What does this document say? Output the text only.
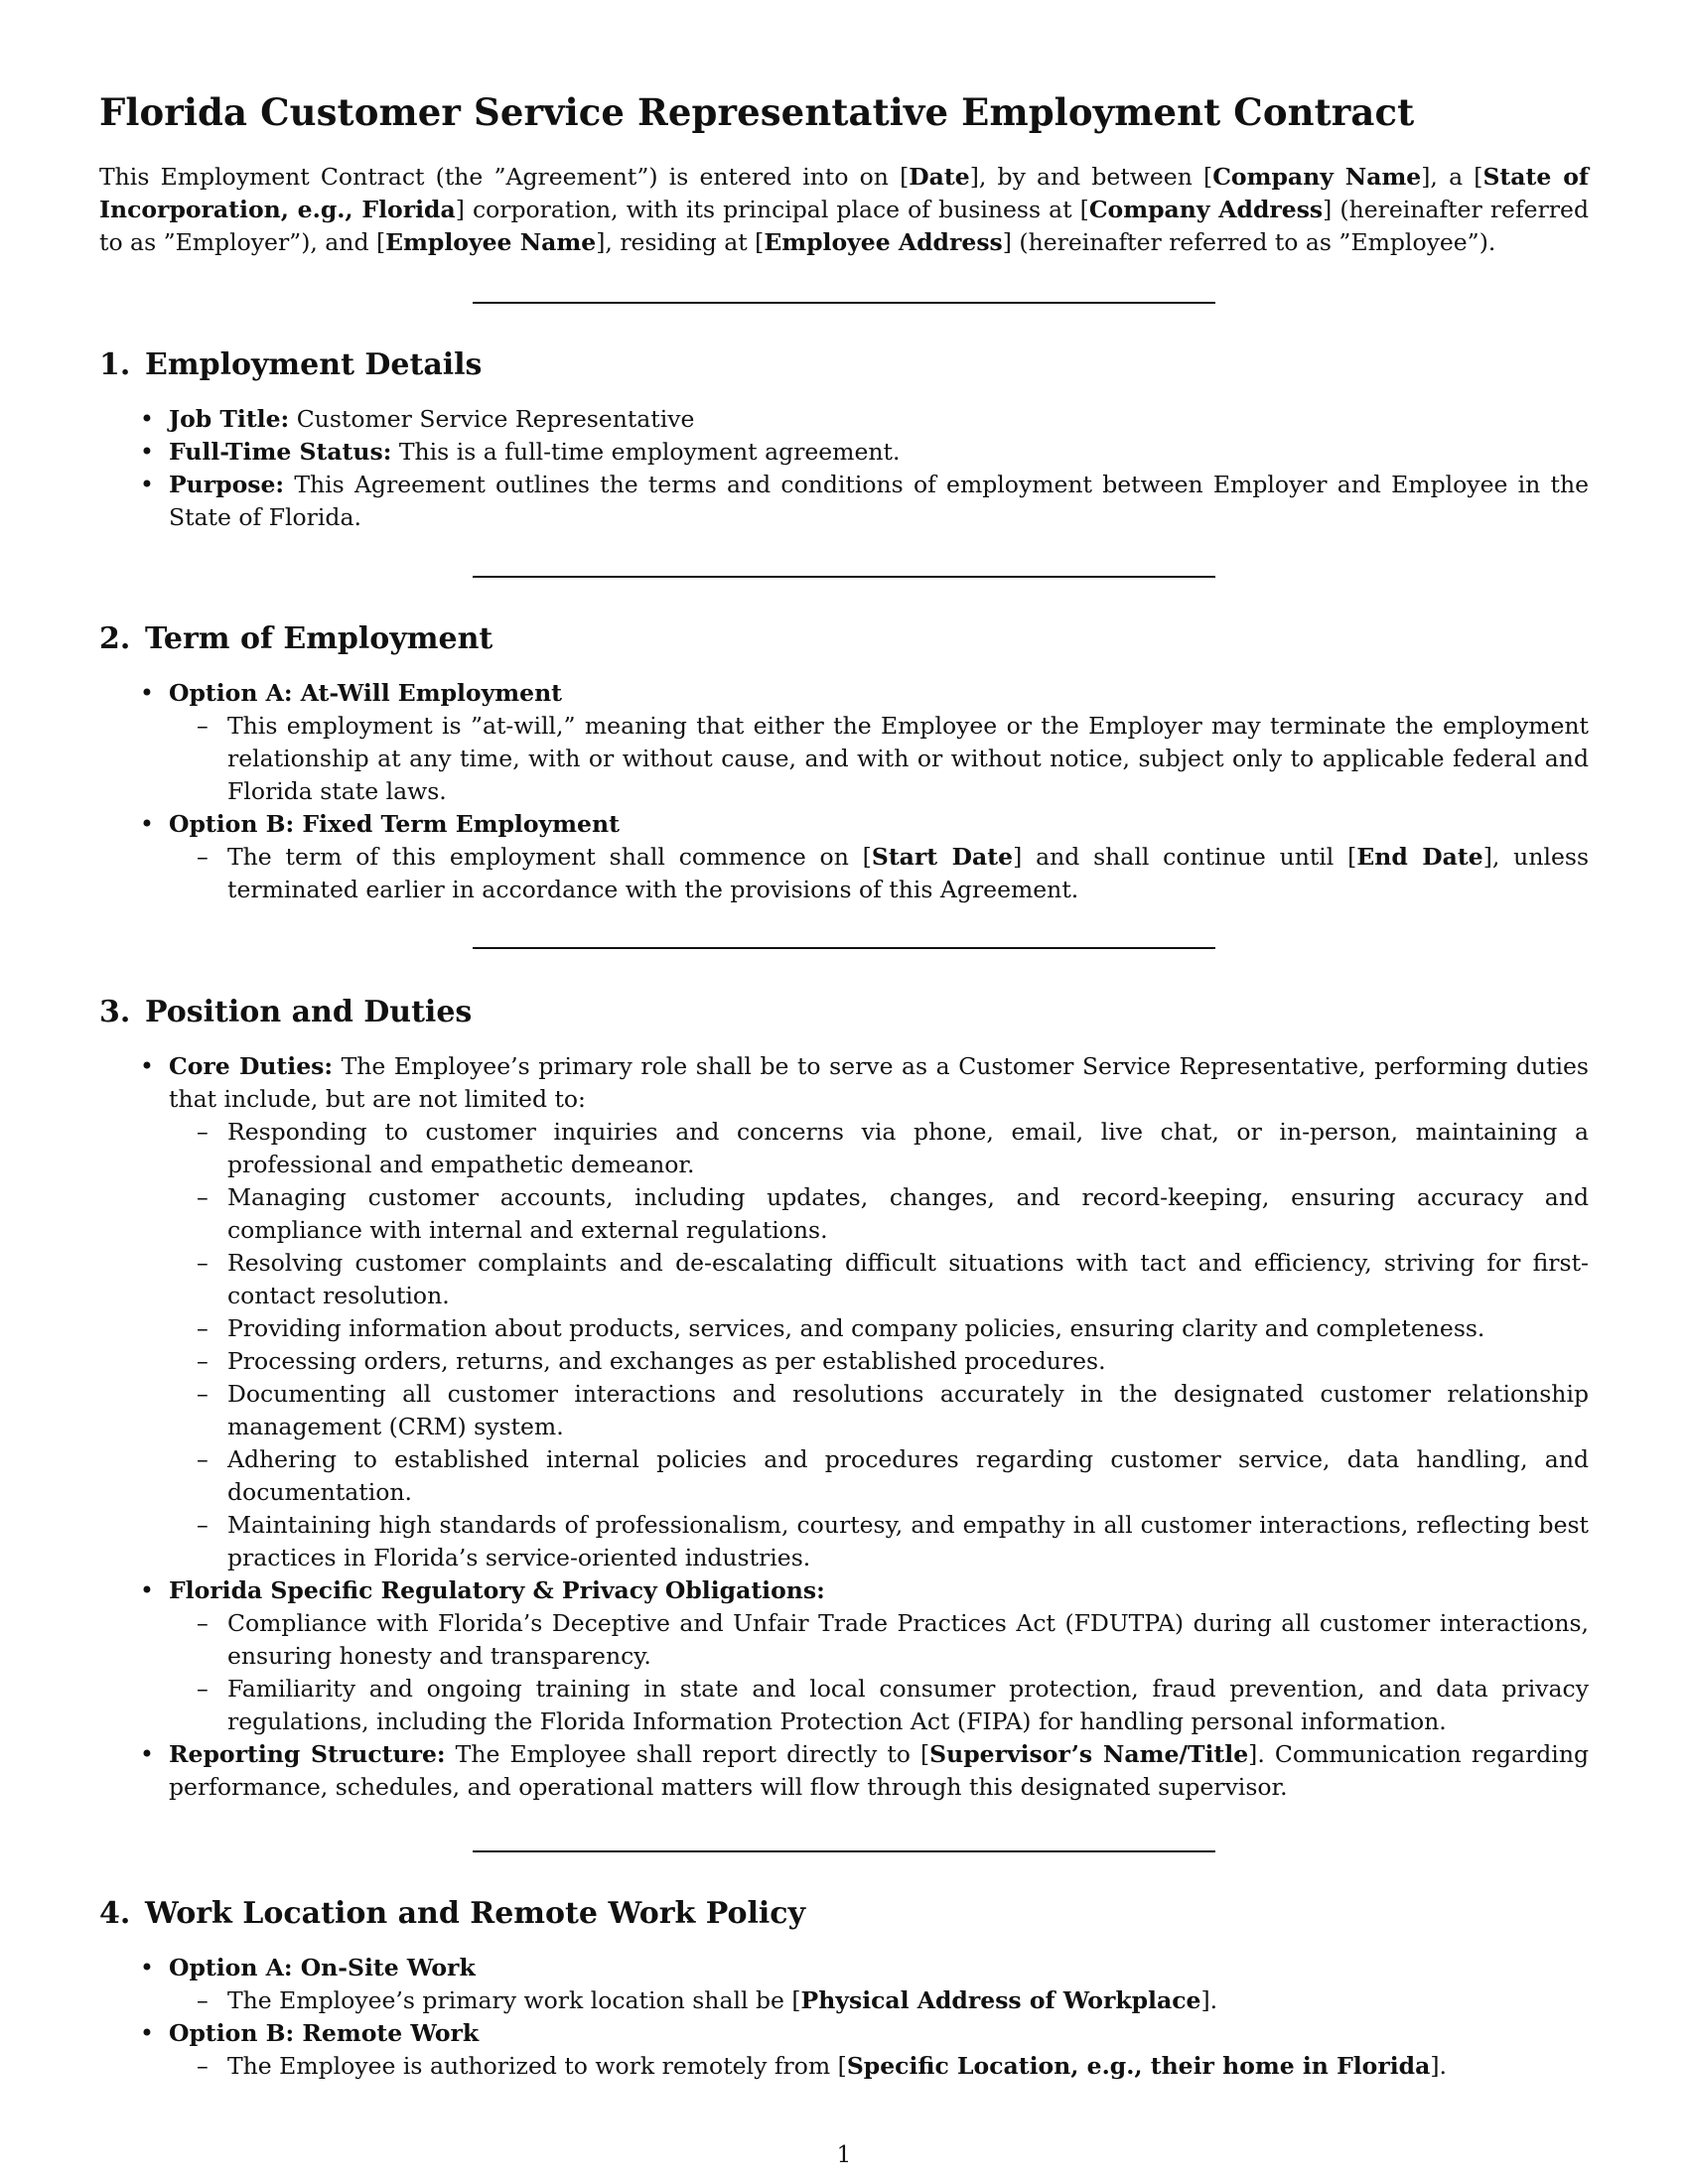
Florida Customer Service Representative Employment Contract

This Employment Contract (the ”Agreement”) is entered into on [Date], by and between [Company Name], a [State of Incorporation, e.g., Florida] corporation, with its principal place of business at [Company Address] (hereinafter referred to as ”Employer”), and [Employee Name], residing at [Employee Address] (hereinafter referred to as ”Employee”).

1. Employment Details
• Job Title: Customer Service Representative
• Full-Time Status: This is a full-time employment agreement.
• Purpose: This Agreement outlines the terms and conditions of employment between Employer and Employee in the State of Florida.
2. Term of Employment
• Option A: At-Will Employment
– This employment is ”at-will,” meaning that either the Employee or the Employer may terminate the employment relationship at any time, with or without cause, and with or without notice, subject only to applicable federal and Florida state laws.
• Option B: Fixed Term Employment
– The term of this employment shall commence on [Start Date] and shall continue until [End Date], unless terminated earlier in accordance with the provisions of this Agreement.
3. Position and Duties
• Core Duties: The Employee’s primary role shall be to serve as a Customer Service Representative, performing duties that include, but are not limited to:
– Responding to customer inquiries and concerns via phone, email, live chat, or in-person, maintaining a professional and empathetic demeanor.
– Managing customer accounts, including updates, changes, and record-keeping, ensuring accuracy and compliance with internal and external regulations.
– Resolving customer complaints and de-escalating difficult situations with tact and efficiency, striving for first-contact resolution.
– Providing information about products, services, and company policies, ensuring clarity and completeness.
– Processing orders, returns, and exchanges as per established procedures.
– Documenting all customer interactions and resolutions accurately in the designated customer relationship management (CRM) system.
– Adhering to established internal policies and procedures regarding customer service, data handling, and documentation.
– Maintaining high standards of professionalism, courtesy, and empathy in all customer interactions, reflecting best practices in Florida’s service-oriented industries.
• Florida Specific Regulatory & Privacy Obligations:
– Compliance with Florida’s Deceptive and Unfair Trade Practices Act (FDUTPA) during all customer interactions, ensuring honesty and transparency.
– Familiarity and ongoing training in state and local consumer protection, fraud prevention, and data privacy regulations, including the Florida Information Protection Act (FIPA) for handling personal information.
• Reporting Structure: The Employee shall report directly to [Supervisor’s Name/Title]. Communication regarding performance, schedules, and operational matters will flow through this designated supervisor.
4. Work Location and Remote Work Policy
• Option A: On-Site Work
– The Employee’s primary work location shall be [Physical Address of Workplace].
• Option B: Remote Work
– The Employee is authorized to work remotely from [Specific Location, e.g., their home in Florida].
1
